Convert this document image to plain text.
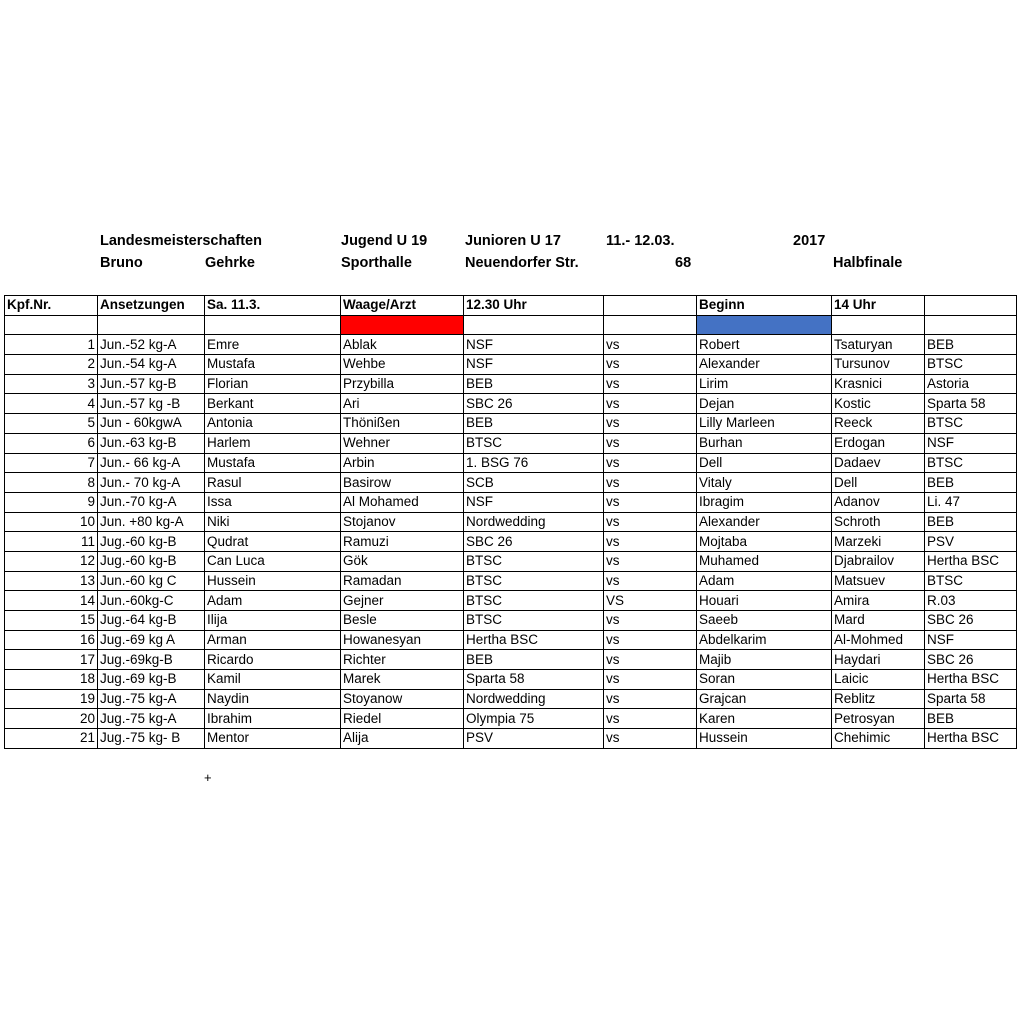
Landesmeisterschaften	Jugend U 19	Junioren U 17	11.- 12.03.	2017
Bruno	Gehrke	Sporthalle	Neuendorfer Str.	68	Halbfinale
Kpf.Nr.	Ansetzungen	Sa. 11.3.	Waage/Arzt	12.30 Uhr		Beginn	14 Uhr	

1	Jun.-52 kg-A	Emre	Ablak	NSF	vs	Robert	Tsaturyan	BEB
2	Jun.-54 kg-A	Mustafa	Wehbe	NSF	vs	Alexander	Tursunov	BTSC
3	Jun.-57 kg-B	Florian	Przybilla	BEB	vs	Lirim	Krasnici	Astoria
4	Jun.-57 kg -B	Berkant	Ari	SBC 26	vs	Dejan	Kostic	Sparta 58
5	Jun - 60kgwA	Antonia	Thönißen	BEB	vs	Lilly Marleen	Reeck	BTSC
6	Jun.-63 kg-B	Harlem	Wehner	BTSC	vs	Burhan	Erdogan	NSF
7	Jun.- 66 kg-A	Mustafa	Arbin	1. BSG 76	vs	Dell	Dadaev	BTSC
8	Jun.- 70 kg-A	Rasul	Basirow	SCB	vs	Vitaly	Dell	BEB
9	Jun.-70 kg-A	Issa	Al Mohamed	NSF	vs	Ibragim	Adanov	Li. 47
10	Jun. +80 kg-A	Niki	Stojanov	Nordwedding	vs	Alexander	Schroth	BEB
11	Jug.-60 kg-B	Qudrat	Ramuzi	SBC 26	vs	Mojtaba	Marzeki	PSV
12	Jug.-60 kg-B	Can Luca	Gök	BTSC	vs	Muhamed	Djabrailov	Hertha BSC
13	Jun.-60 kg C	Hussein	Ramadan	BTSC	vs	Adam	Matsuev	BTSC
14	Jun.-60kg-C	Adam	Gejner	BTSC	VS	Houari	Amira	R.03
15	Jug.-64 kg-B	Ilija	Besle	BTSC	vs	Saeeb	Mard	SBC 26
16	Jug.-69 kg A	Arman	Howanesyan	Hertha BSC	vs	Abdelkarim	Al-Mohmed	NSF
17	Jug.-69kg-B	Ricardo	Richter	BEB	vs	Majib	Haydari	SBC 26
18	Jug.-69 kg-B	Kamil	Marek	Sparta 58	vs	Soran	Laicic	Hertha BSC
19	Jug.-75 kg-A	Naydin	Stoyanow	Nordwedding	vs	Grajcan	Reblitz	Sparta 58
20	Jug.-75 kg-A	Ibrahim	Riedel	Olympia 75	vs	Karen	Petrosyan	BEB
21	Jug.-75 kg- B	Mentor	Alija	PSV	vs	Hussein	Chehimic	Hertha BSC
+
